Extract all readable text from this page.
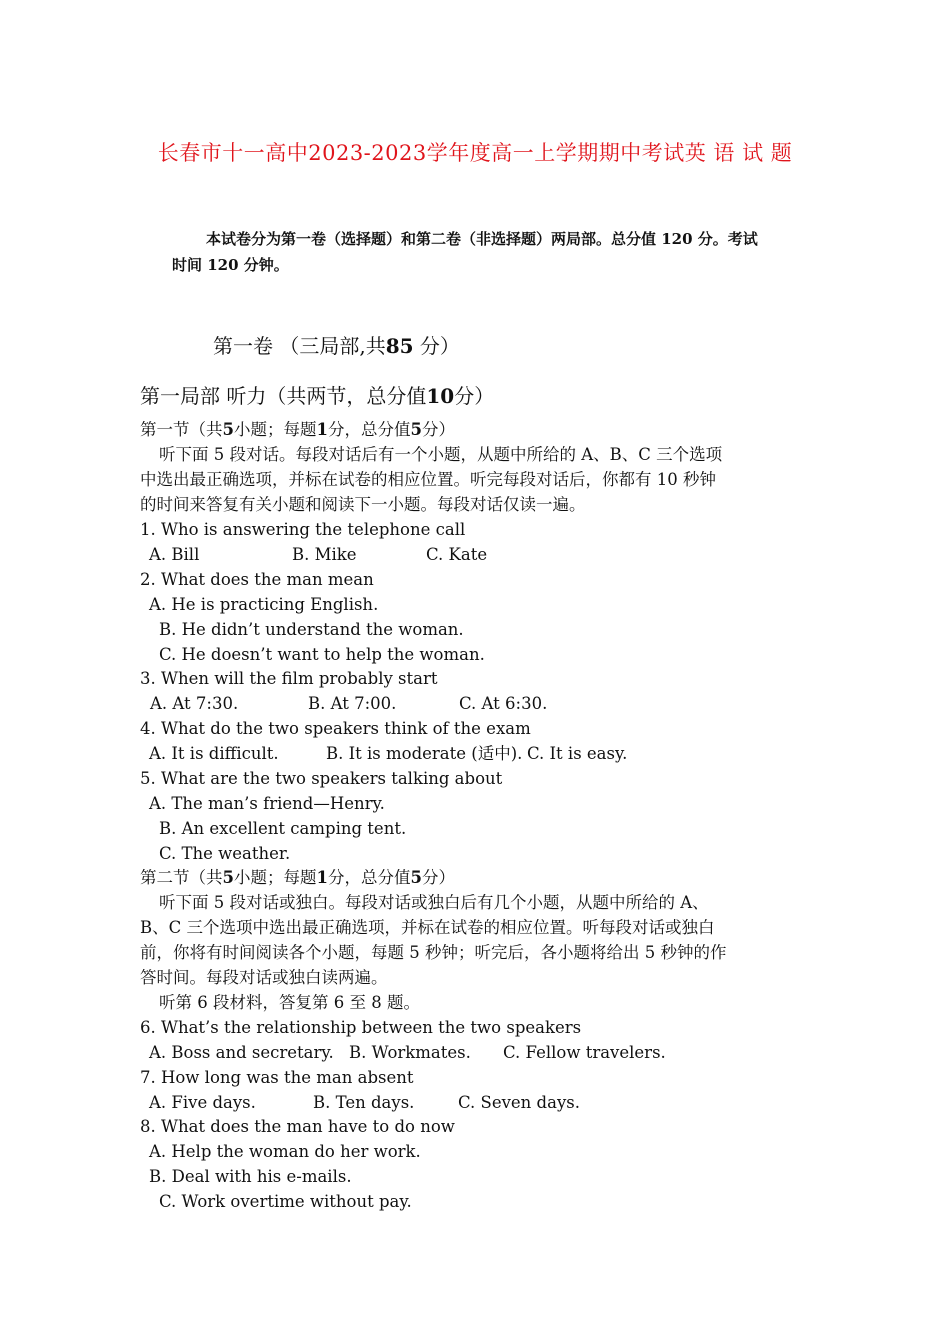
长春市十一高中2023-2023学年度高一上学期期中考试英 语 试 题
本试卷分为第一卷（选择题）和第二卷（非选择题）两局部。总分值 120 分。考试
时间 120 分钟。
第一卷 （三局部,共85 分）
第一局部 听力（共两节，总分值10分）
第一节（共5小题；每题1分，总分值5分）
听下面 5 段对话。每段对话后有一个小题，从题中所给的 A、B、C 三个选项
中选出最正确选项，并标在试卷的相应位置。听完每段对话后，你都有 10 秒钟
的时间来答复有关小题和阅读下一小题。每段对话仅读一遍。
1. Who is answering the telephone call
A. Bill	B. Mike	C. Kate
2. What does the man mean
A. He is practicing English.
B. He didn’t understand the woman.
C. He doesn’t want to help the woman.
3. When will the film probably start
A. At 7:30.	B. At 7:00.	C. At 6:30.
4. What do the two speakers think of the exam
A. It is difficult.	B. It is moderate (适中). C. It is easy.
5. What are the two speakers talking about
A. The man’s friend—Henry.
B. An excellent camping tent.
C. The weather.
第二节（共5小题；每题1分，总分值5分）
听下面 5 段对话或独白。每段对话或独白后有几个小题，从题中所给的 A、
B、C 三个选项中选出最正确选项，并标在试卷的相应位置。听每段对话或独白
前，你将有时间阅读各个小题，每题 5 秒钟；听完后，各小题将给出 5 秒钟的作
答时间。每段对话或独白读两遍。
听第 6 段材料，答复第 6 至 8 题。
6. What’s the relationship between the two speakers
A. Boss and secretary. B. Workmates. C. Fellow travelers.
7. How long was the man absent
A. Five days.	B. Ten days.	C. Seven days.
8. What does the man have to do now
A. Help the woman do her work.
B. Deal with his e-mails.
C. Work overtime without pay.
